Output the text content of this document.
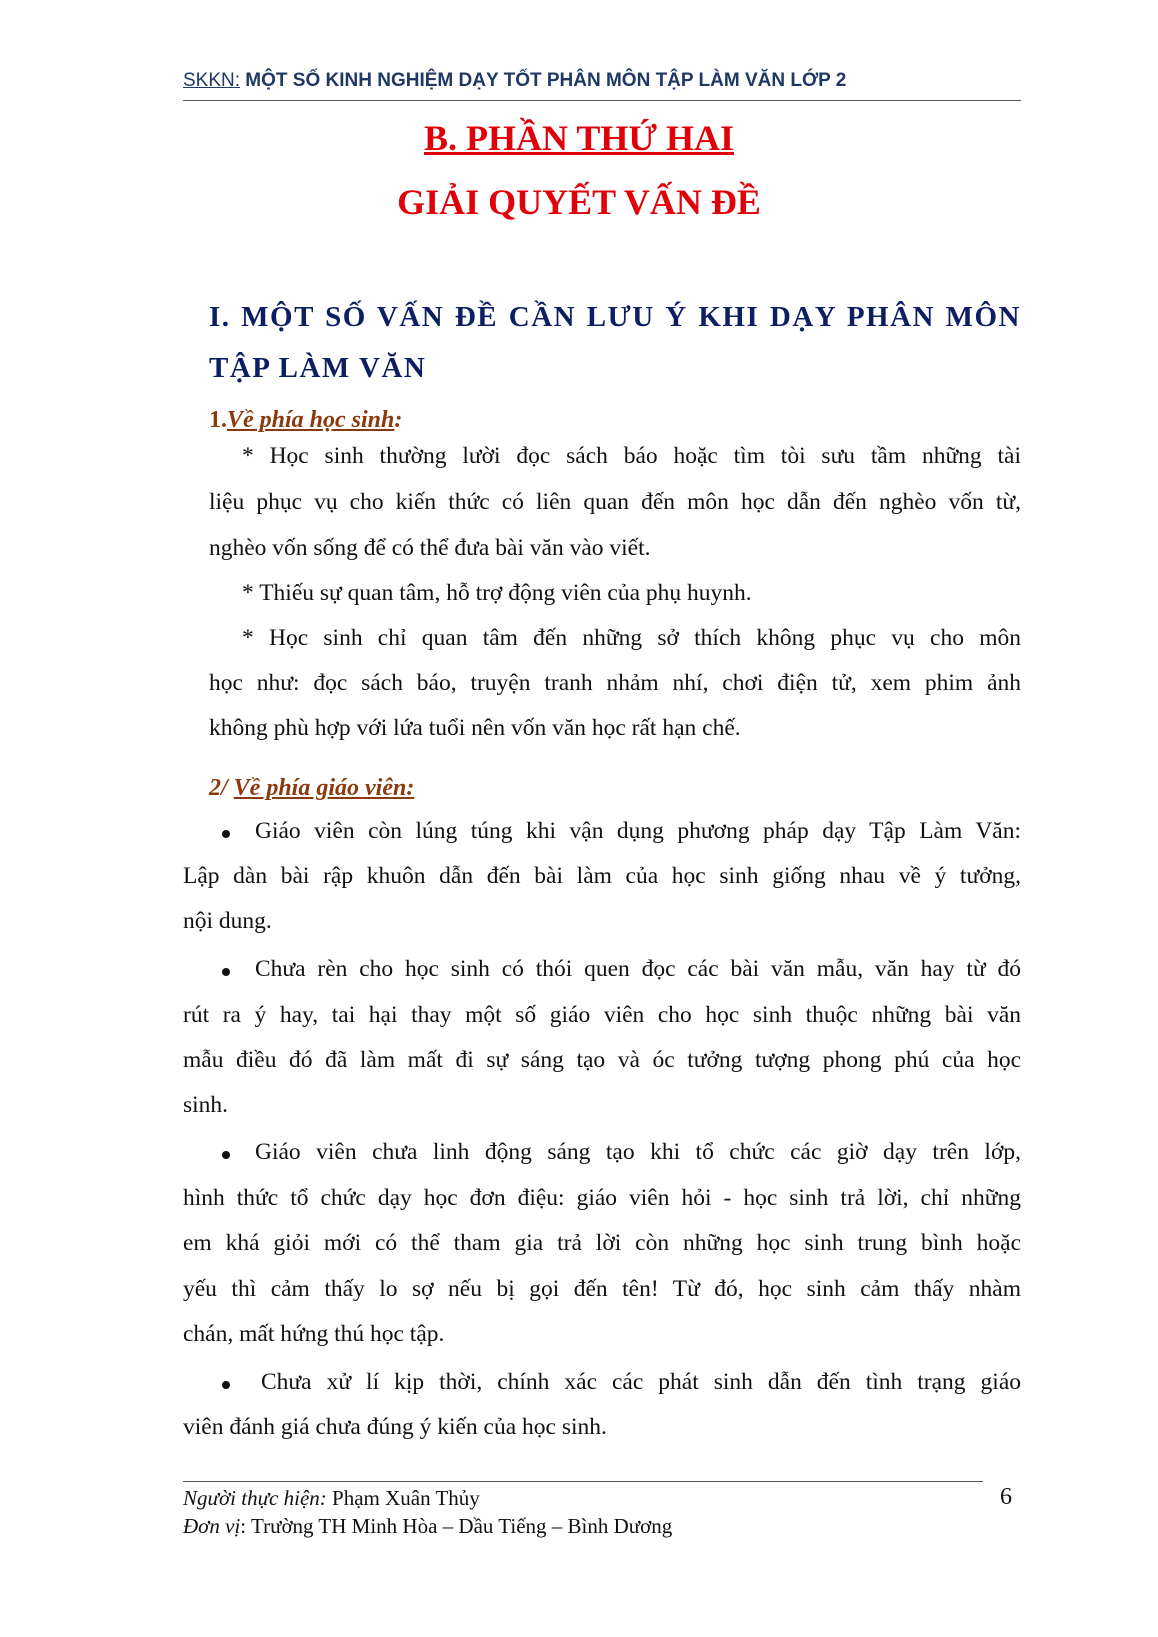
SKKN: MỘT SỐ KINH NGHIỆM DẠY TỐT PHÂN MÔN TẬP LÀM VĂN LỚP 2
B. PHẦN THỨ HAI
GIẢI QUYẾT VẤN ĐỀ
I. MỘT SỐ VẤN ĐỀ CẦN LƯU Ý KHI DẠY PHÂN MÔN
TẬP LÀM VĂN
1.Về phía học sinh:
* Học sinh thường lười đọc sách báo hoặc tìm tòi sưu tầm những tài
liệu phục vụ cho kiến thức có liên quan đến môn học dẫn đến nghèo vốn từ,
nghèo vốn sống để có thể đưa bài văn vào viết.
* Thiếu sự quan tâm, hỗ trợ động viên của phụ huynh.
* Học sinh chỉ quan tâm đến những sở thích không phục vụ cho môn
học như: đọc sách báo, truyện tranh nhảm nhí, chơi điện tử, xem phim ảnh
không phù hợp với lứa tuổi nên vốn văn học rất hạn chế.
2/ Về phía giáo viên:
Giáo viên còn lúng túng khi vận dụng phương pháp dạy Tập Làm Văn:
Lập dàn bài rập khuôn dẫn đến bài làm của học sinh giống nhau về ý tưởng,
nội dung.
Chưa rèn cho học sinh có thói quen đọc các bài văn mẫu, văn hay từ đó
rút ra ý hay, tai hại thay một số giáo viên cho học sinh thuộc những bài văn
mẫu điều đó đã làm mất đi sự sáng tạo và óc tưởng tượng phong phú của học
sinh.
Giáo viên chưa linh động sáng tạo khi tổ chức các giờ dạy trên lớp,
hình thức tổ chức dạy học đơn điệu: giáo viên hỏi - học sinh trả lời, chỉ những
em khá giỏi mới có thể tham gia trả lời còn những học sinh trung bình hoặc
yếu thì cảm thấy lo sợ nếu bị gọi đến tên! Từ đó, học sinh cảm thấy nhàm
chán, mất hứng thú học tập.
Chưa xử lí kịp thời, chính xác các phát sinh dẫn đến tình trạng giáo
viên đánh giá chưa đúng ý kiến của học sinh.
Người thực hiện: Phạm Xuân Thủy
Đơn vị: Trường TH Minh Hòa – Dầu Tiếng – Bình Dương
6
